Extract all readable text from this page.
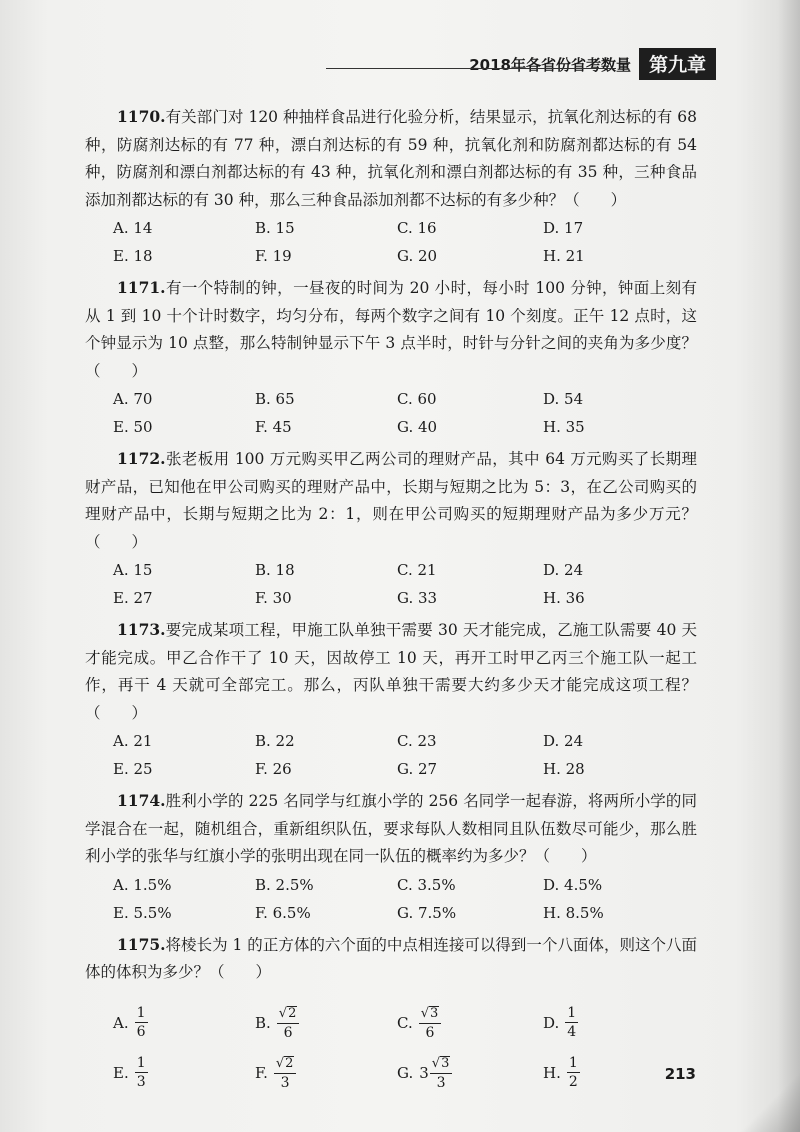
2018年各省份省考数量 第九章

1170.有关部门对 120 种抽样食品进行化验分析，结果显示，抗氧化剂达标的有 68 种，防腐剂达标的有 77 种，漂白剂达标的有 59 种，抗氧化剂和防腐剂都达标的有 54 种，防腐剂和漂白剂都达标的有 43 种，抗氧化剂和漂白剂都达标的有 35 种，三种食品添加剂都达标的有 30 种，那么三种食品添加剂都不达标的有多少种？（　　）

A. 14	B. 15	C. 16	D. 17
E. 18	F. 19	G. 20	H. 21

1171.有一个特制的钟，一昼夜的时间为 20 小时，每小时 100 分钟，钟面上刻有从 1 到 10 十个计时数字，均匀分布，每两个数字之间有 10 个刻度。正午 12 点时，这个钟显示为 10 点整，那么特制钟显示下午 3 点半时，时针与分针之间的夹角为多少度？（　　）

A. 70	B. 65	C. 60	D. 54
E. 50	F. 45	G. 40	H. 35

1172.张老板用 100 万元购买甲乙两公司的理财产品，其中 64 万元购买了长期理财产品，已知他在甲公司购买的理财产品中，长期与短期之比为 5：3，在乙公司购买的理财产品中，长期与短期之比为 2：1，则在甲公司购买的短期理财产品为多少万元？（　　）

A. 15	B. 18	C. 21	D. 24
E. 27	F. 30	G. 33	H. 36

1173.要完成某项工程，甲施工队单独干需要 30 天才能完成，乙施工队需要 40 天才能完成。甲乙合作干了 10 天，因故停工 10 天，再开工时甲乙丙三个施工队一起工作，再干 4 天就可全部完工。那么，丙队单独干需要大约多少天才能完成这项工程？（　　）

A. 21	B. 22	C. 23	D. 24
E. 25	F. 26	G. 27	H. 28

1174.胜利小学的 225 名同学与红旗小学的 256 名同学一起春游，将两所小学的同学混合在一起，随机组合，重新组织队伍，要求每队人数相同且队伍数尽可能少，那么胜利小学的张华与红旗小学的张明出现在同一队伍的概率约为多少？（　　）

A. 1.5%	B. 2.5%	C. 3.5%	D. 4.5%
E. 5.5%	F. 6.5%	G. 7.5%	H. 8.5%

1175.将棱长为 1 的正方体的六个面的中点相连接可以得到一个八面体，则这个八面体的体积为多少？（　　）

A. $\frac{1}{6}$	B. $\frac{√ 2}{6}$	C. $\frac{√ 3}{6}$	D. $\frac{1}{4}$
E. $\frac{1}{3}$	F. $\frac{√ 2}{3}$	G. $3 \frac{√ 3}{3}$	H. $\frac{1}{2}$	213
